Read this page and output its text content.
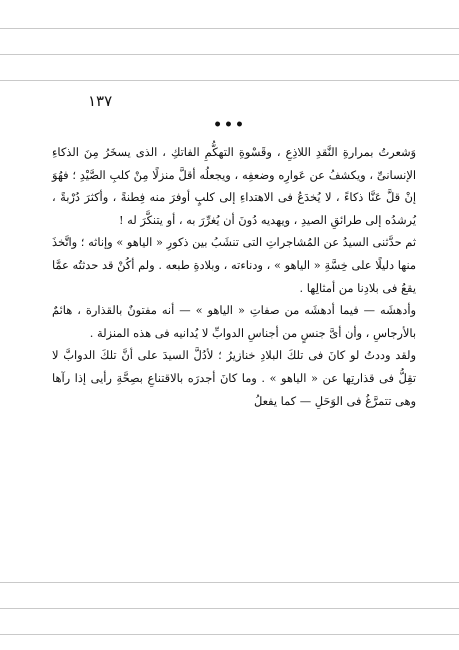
١٣٧
•••

وَشعرتُ بمرارةِ النَّقدِ اللاذِعِ ، وقَسْوةِ التهكُّمِ الفاتكِ ، الذى يسخَرُ مِنَ الذكاءِ الإنسانىِّ ، ويكشفُ عن عَوارِه وضعفِه ، ويجعلُه أقلَّ منزلًا مِنْ كلبِ الصَّيْدِ ؛ فهُوَ إنْ قلَّ عَنَّا ذكاءً ، لا يُخدَعُ فى الاهتداءِ إلى كلبٍ أوفرَ منه فِطنةً ، وأكثرَ دُرْبةً ، يُرشدُه إلى طرائقِ الصيدِ ، ويهديه دُونَ أن يُغرِّرَ به ، أو يتنكَّرَ له !

ثم حدَّثنى السيدُ عن المُشاجراتِ التى تنشَبُ بين ذكورِ « الياهو » وإناثه ؛ واتَّخذَ منها دليلًا على خِسَّةِ « الياهو » ، ودناءته ، وبلادةِ طبعه . ولم أكُنْ قد حدثتُه عمَّا يقعُ فى بلادِنا من أمثالِها .

وأدهشَه — فيما أدهشَه من صفاتِ « الياهو » — أنه مفتونٌ بالقذارة ، هائمٌ بالأرجاسِ ، وأن أىَّ جنسٍ من أجناسِ الدوابِّ لا يُدانيه فى هذه المنزلة .

ولقد وددتُ لو كانَ فى تلكَ البلادِ خنازيرُ ؛ لأدُلَّ السيدَ على أنَّ تلكَ الدوابَّ لا تقِلُّ فى قذارتِها عن « الياهو » . وما كانَ أجدرَه بالاقتناعِ بصِحَّةِ رأيى إذا رآها وهى تتمرَّغُ فى الوَحَلِ — كما يفعلُ
